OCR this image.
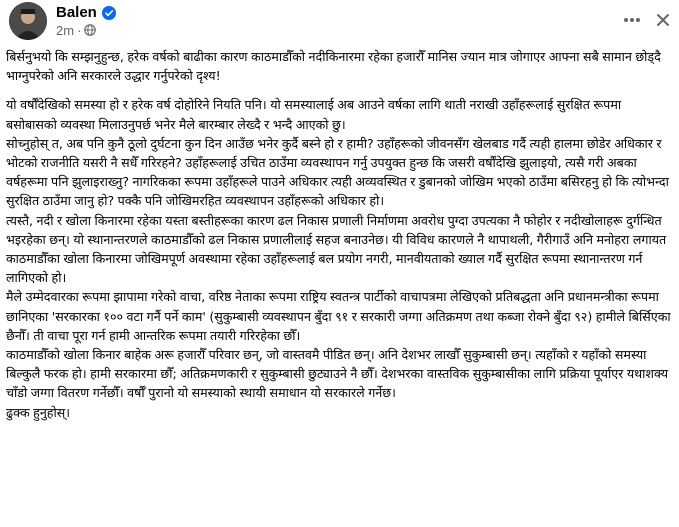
Balen
2m ·

बिर्सनुभयो कि सम्झनुहुन्छ, हरेक वर्षको बाढीका कारण काठमाडौँको नदीकिनारमा रहेका हजारौँ मानिस ज्यान मात्र जोगाएर आफ्ना सबै सामान छोड्दै भाग्नुपरेको अनि सरकारले उद्धार गर्नुपरेको दृश्य!

यो वर्षौँदेखिको समस्या हो र हरेक वर्ष दोहोरिने नियति पनि। यो समस्यालाई अब आउने वर्षका लागि थाती नराखी उहाँहरूलाई सुरक्षित रूपमा बसोबासको व्यवस्था मिलाउनुपर्छ भनेर मैले बारम्बार लेख्दै र भन्दै आएको छु।

सोच्नुहोस् त, अब पनि कुनै ठूलो दुर्घटना कुन दिन आउँछ भनेर कुर्दै बस्ने हो र हामी? उहाँहरूको जीवनसँग खेलबाड गर्दै त्यही हालमा छोडेर अधिकार र भोटको राजनीति यसरी नै सधैँ गरिरहने? उहाँहरूलाई उचित ठाउँमा व्यवस्थापन गर्नु उपयुक्त हुन्छ कि जसरी वर्षौंदेखि झुलाइयो, त्यसै गरी अबका वर्षहरूमा पनि झुलाइराख्नु? नागरिकका रूपमा उहाँहरूले पाउने अधिकार त्यही अव्यवस्थित र डुबानको जोखिम भएको ठाउँमा बसिरहनु हो कि त्योभन्दा सुरक्षित ठाउँमा जानु हो? पक्कै पनि जोखिमरहित व्यवस्थापन उहाँहरूको अधिकार हो।

त्यस्तै, नदी र खोला किनारमा रहेका यस्ता बस्तीहरूका कारण ढल निकास प्रणाली निर्माणमा अवरोध पुग्दा उपत्यका नै फोहोर र नदीखोलाहरू दुर्गन्धित भइरहेका छन्। यो स्थानान्तरणले काठमाडौँको ढल निकास प्रणालीलाई सहज बनाउनेछ। यी विविध कारणले नै थापाथली, गैरीगाउँ अनि मनोहरा लगायत काठमाडौँका खोला किनारमा जोखिमपूर्ण अवस्थामा रहेका उहाँहरूलाई बल प्रयोग नगरी, मानवीयताको ख्याल गर्दै सुरक्षित रूपमा स्थानान्तरण गर्न लागिएको हो।

मैले उम्मेदवारका रूपमा झापामा गरेको वाचा, वरिष्ठ नेताका रूपमा राष्ट्रिय स्वतन्त्र पार्टीको वाचापत्रमा लेखिएको प्रतिबद्धता अनि प्रधानमन्त्रीका रूपमा छानिएका 'सरकारका १०० वटा गर्नै पर्ने काम' (सुकुम्बासी व्यवस्थापन बुँदा ९१ र सरकारी जग्गा अतिक्रमण तथा कब्जा रोक्ने बुँदा ९२) हामीले बिर्सिएका छैनौँ। ती वाचा पूरा गर्न हामी आन्तरिक रूपमा तयारी गरिरहेका छौँ।

काठमाडौँको खोला किनार बाहेक अरू हजारौँ परिवार छन्, जो वास्तवमै पीडित छन्। अनि देशभर लाखौँ सुकुम्बासी छन्। त्यहाँको र यहाँको समस्या बिल्कुलै फरक हो। हामी सरकारमा छौँ; अतिक्रमणकारी र सुकुम्बासी छुट्याउने नै छौँ। देशभरका वास्तविक सुकुम्बासीका लागि प्रक्रिया पूर्याएर यथाशक्य चाँडो जग्गा वितरण गर्नेछौँ। वर्षौँ पुरानो यो समस्याको स्थायी समाधान यो सरकारले गर्नेछ।

ढुक्क हुनुहोस्।
